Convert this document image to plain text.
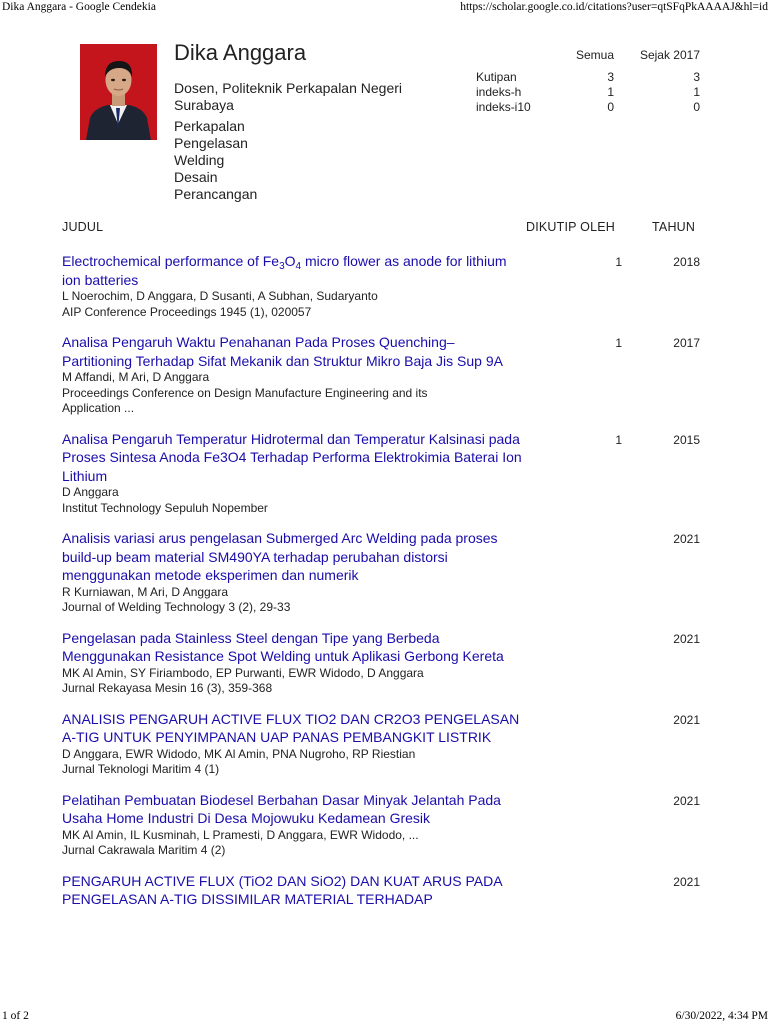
Dika Anggara - Google Cendekia	https://scholar.google.co.id/citations?user=qtSFqPkAAAAJ&hl=id
Dika Anggara
Dosen, Politeknik Perkapalan Negeri Surabaya
Perkapalan
Pengelasan
Welding
Desain
Perancangan
	Semua	Sejak 2017
Kutipan	3	3
indeks-h	1	1
indeks-i10	0	0
JUDUL	DIKUTIP OLEH	TAHUN
Electrochemical performance of $Fe_3O_4$ micro flower as anode for lithium ion batteries
L Noerochim, D Anggara, D Susanti, A Subhan, Sudaryanto
AIP Conference Proceedings 1945 (1), 020057
1	2018
Analisa Pengaruh Waktu Penahanan Pada Proses Quenching–Partitioning Terhadap Sifat Mekanik dan Struktur Mikro Baja Jis Sup 9A
M Affandi, M Ari, D Anggara
Proceedings Conference on Design Manufacture Engineering and its Application ...
1	2017
Analisa Pengaruh Temperatur Hidrotermal dan Temperatur Kalsinasi pada Proses Sintesa Anoda Fe3O4 Terhadap Performa Elektrokimia Baterai Ion Lithium
D Anggara
Institut Technology Sepuluh Nopember
1	2015
Analisis variasi arus pengelasan Submerged Arc Welding pada proses build-up beam material SM490YA terhadap perubahan distorsi menggunakan metode eksperimen dan numerik
R Kurniawan, M Ari, D Anggara
Journal of Welding Technology 3 (2), 29-33
2021
Pengelasan pada Stainless Steel dengan Tipe yang Berbeda Menggunakan Resistance Spot Welding untuk Aplikasi Gerbong Kereta
MK Al Amin, SY Firiambodo, EP Purwanti, EWR Widodo, D Anggara
Jurnal Rekayasa Mesin 16 (3), 359-368
2021
ANALISIS PENGARUH ACTIVE FLUX TIO2 DAN CR2O3 PENGELASAN A-TIG UNTUK PENYIMPANAN UAP PANAS PEMBANGKIT LISTRIK
D Anggara, EWR Widodo, MK Al Amin, PNA Nugroho, RP Riestian
Jurnal Teknologi Maritim 4 (1)
2021
Pelatihan Pembuatan Biodesel Berbahan Dasar Minyak Jelantah Pada Usaha Home Industri Di Desa Mojowuku Kedamean Gresik
MK Al Amin, IL Kusminah, L Pramesti, D Anggara, EWR Widodo, ...
Jurnal Cakrawala Maritim 4 (2)
2021
PENGARUH ACTIVE FLUX (TiO2 DAN SiO2) DAN KUAT ARUS PADA PENGELASAN A-TIG DISSIMILAR MATERIAL TERHADAP
2021
1 of 2	6/30/2022, 4:34 PM
